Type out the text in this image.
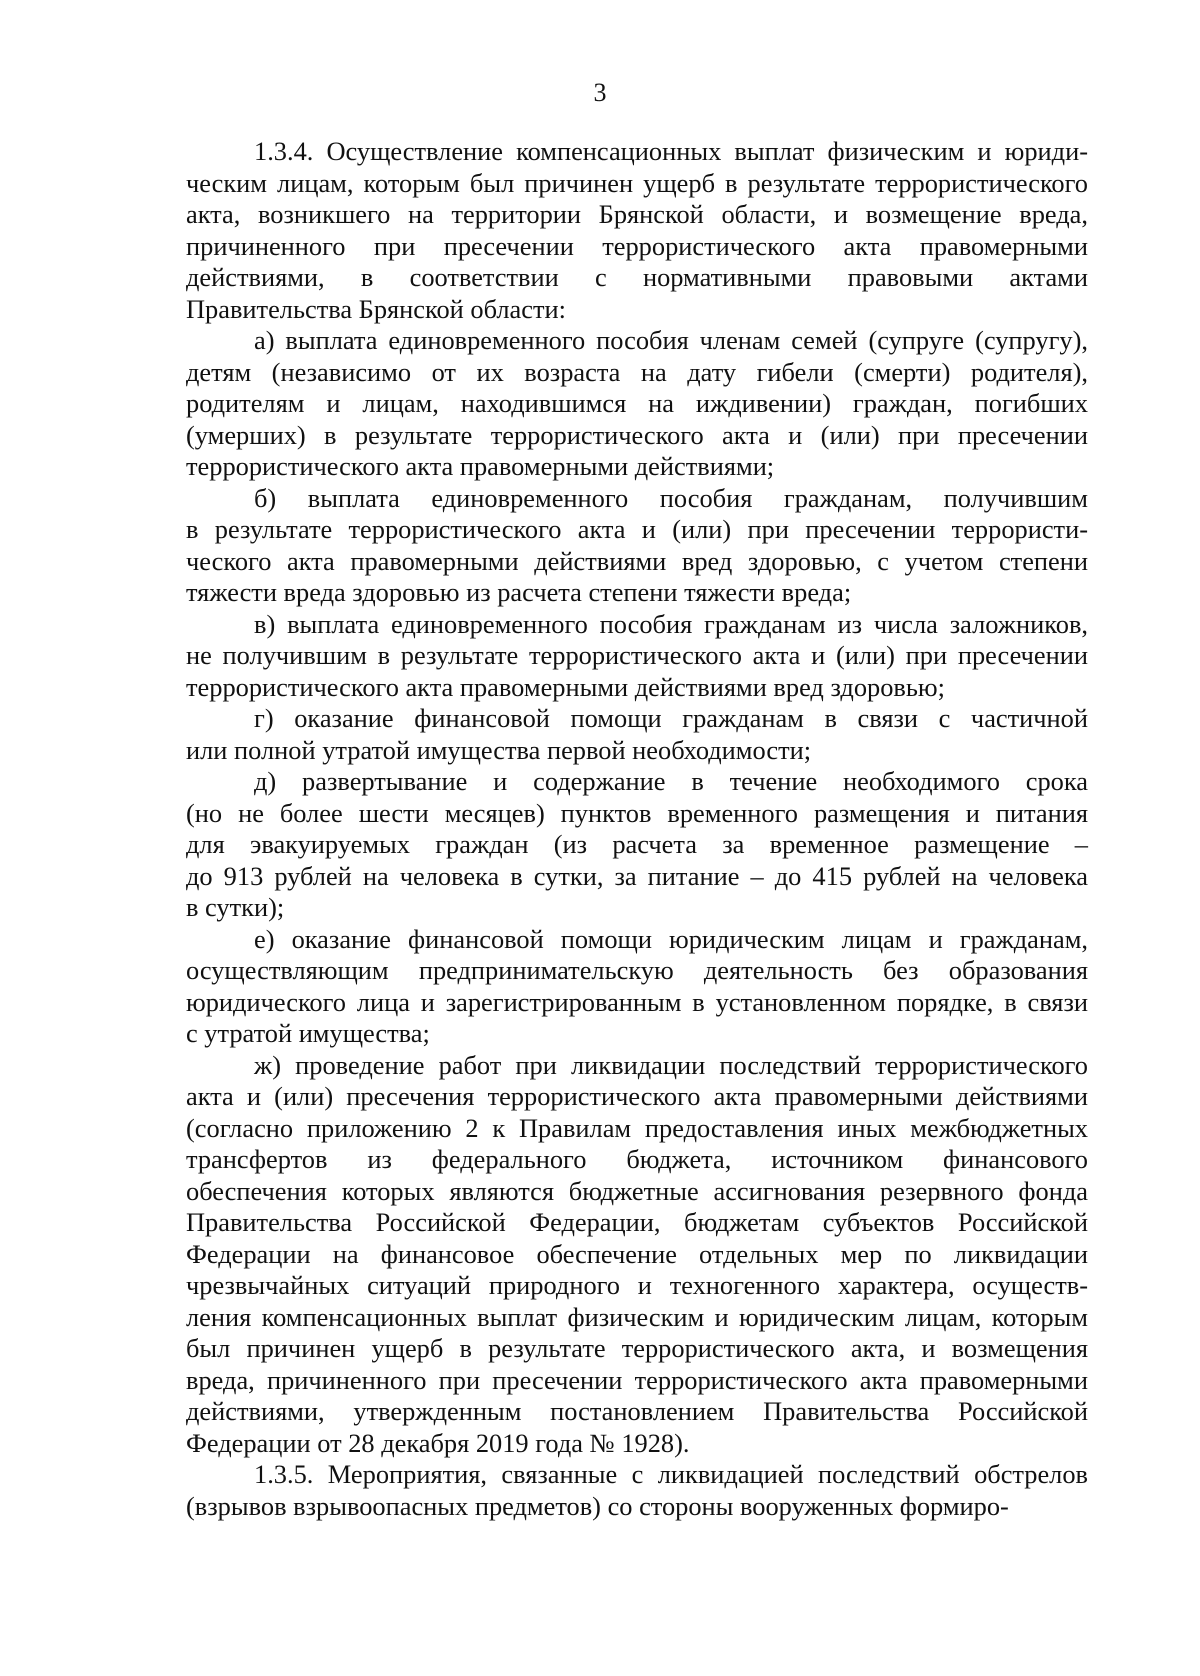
3
1.3.4. Осуществление компенсационных выплат физическим и юриди-
ческим лицам, которым был причинен ущерб в результате террористического
акта, возникшего на территории Брянской области, и возмещение вреда,
причиненного при пресечении террористического акта правомерными
действиями, в соответствии с нормативными правовыми актами
Правительства Брянской области:
а) выплата единовременного пособия членам семей (супруге (супругу),
детям (независимо от их возраста на дату гибели (смерти) родителя),
родителям и лицам, находившимся на иждивении) граждан, погибших
(умерших) в результате террористического акта и (или) при пресечении
террористического акта правомерными действиями;
б) выплата единовременного пособия гражданам, получившим
в результате террористического акта и (или) при пресечении террористи-
ческого акта правомерными действиями вред здоровью, с учетом степени
тяжести вреда здоровью из расчета степени тяжести вреда;
в) выплата единовременного пособия гражданам из числа заложников,
не получившим в результате террористического акта и (или) при пресечении
террористического акта правомерными действиями вред здоровью;
г) оказание финансовой помощи гражданам в связи с частичной
или полной утратой имущества первой необходимости;
д) развертывание и содержание в течение необходимого срока
(но не более шести месяцев) пунктов временного размещения и питания
для эвакуируемых граждан (из расчета за временное размещение –
до 913 рублей на человека в сутки, за питание – до 415 рублей на человека
в сутки);
е) оказание финансовой помощи юридическим лицам и гражданам,
осуществляющим предпринимательскую деятельность без образования
юридического лица и зарегистрированным в установленном порядке, в связи
с утратой имущества;
ж) проведение работ при ликвидации последствий террористического
акта и (или) пресечения террористического акта правомерными действиями
(согласно приложению 2 к Правилам предоставления иных межбюджетных
трансфертов из федерального бюджета, источником финансового
обеспечения которых являются бюджетные ассигнования резервного фонда
Правительства Российской Федерации, бюджетам субъектов Российской
Федерации на финансовое обеспечение отдельных мер по ликвидации
чрезвычайных ситуаций природного и техногенного характера, осуществ-
ления компенсационных выплат физическим и юридическим лицам, которым
был причинен ущерб в результате террористического акта, и возмещения
вреда, причиненного при пресечении террористического акта правомерными
действиями, утвержденным постановлением Правительства Российской
Федерации от 28 декабря 2019 года № 1928).
1.3.5. Мероприятия, связанные с ликвидацией последствий обстрелов
(взрывов взрывоопасных предметов) со стороны вооруженных формиро-
